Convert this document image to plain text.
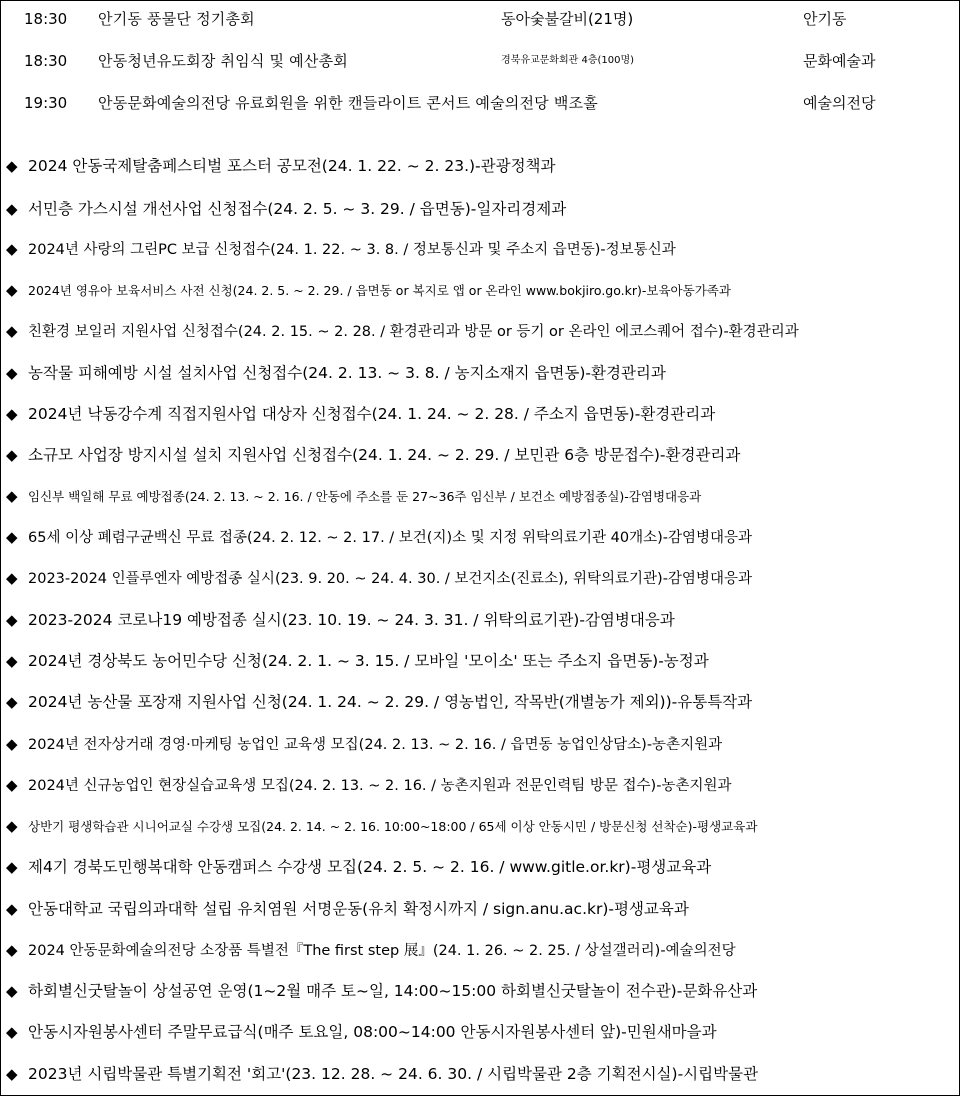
18:30 안기동 풍물단 정기총회	동아숯불갈비(21명)	안기동
18:30 안동청년유도회장 취임식 및 예산총회	경북유교문화회관 4층(100명)	문화예술과
19:30 안동문화예술의전당 유료회원을 위한 캔들라이트 콘서트 예술의전당 백조홀	예술의전당
◆ 2024 안동국제탈춤페스티벌 포스터 공모전(24. 1. 22. ~ 2. 23.)-관광정책과
◆ 서민층 가스시설 개선사업 신청접수(24. 2. 5. ~ 3. 29. / 읍면동)-일자리경제과
◆ 2024년 사랑의 그린PC 보급 신청접수(24. 1. 22. ~ 3. 8. / 정보통신과 및 주소지 읍면동)-정보통신과
◆ 2024년 영유아 보육서비스 사전 신청(24. 2. 5. ~ 2. 29. / 읍면동 or 복지로 앱 or 온라인 www.bokjiro.go.kr)-보육아동가족과
◆ 친환경 보일러 지원사업 신청접수(24. 2. 15. ~ 2. 28. / 환경관리과 방문 or 등기 or 온라인 에코스퀘어 접수)-환경관리과
◆ 농작물 피해예방 시설 설치사업 신청접수(24. 2. 13. ~ 3. 8. / 농지소재지 읍면동)-환경관리과
◆ 2024년 낙동강수계 직접지원사업 대상자 신청접수(24. 1. 24. ~ 2. 28. / 주소지 읍면동)-환경관리과
◆ 소규모 사업장 방지시설 설치 지원사업 신청접수(24. 1. 24. ~ 2. 29. / 보민관 6층 방문접수)-환경관리과
◆ 임신부 백일해 무료 예방접종(24. 2. 13. ~ 2. 16. / 안동에 주소를 둔 27~36주 임신부 / 보건소 예방접종실)-감염병대응과
◆ 65세 이상 폐렴구균백신 무료 접종(24. 2. 12. ~ 2. 17. / 보건(지)소 및 지정 위탁의료기관 40개소)-감염병대응과
◆ 2023-2024 인플루엔자 예방접종 실시(23. 9. 20. ~ 24. 4. 30. / 보건지소(진료소), 위탁의료기관)-감염병대응과
◆ 2023-2024 코로나19 예방접종 실시(23. 10. 19. ~ 24. 3. 31. / 위탁의료기관)-감염병대응과
◆ 2024년 경상북도 농어민수당 신청(24. 2. 1. ~ 3. 15. / 모바일 '모이소' 또는 주소지 읍면동)-농정과
◆ 2024년 농산물 포장재 지원사업 신청(24. 1. 24. ~ 2. 29. / 영농법인, 작목반(개별농가 제외))-유통특작과
◆ 2024년 전자상거래 경영·마케팅 농업인 교육생 모집(24. 2. 13. ~ 2. 16. / 읍면동 농업인상담소)-농촌지원과
◆ 2024년 신규농업인 현장실습교육생 모집(24. 2. 13. ~ 2. 16. / 농촌지원과 전문인력팀 방문 접수)-농촌지원과
◆ 상반기 평생학습관 시니어교실 수강생 모집(24. 2. 14. ~ 2. 16. 10:00~18:00 / 65세 이상 안동시민 / 방문신청 선착순)-평생교육과
◆ 제4기 경북도민행복대학 안동캠퍼스 수강생 모집(24. 2. 5. ~ 2. 16. / www.gitle.or.kr)-평생교육과
◆ 안동대학교 국립의과대학 설립 유치염원 서명운동(유치 확정시까지 / sign.anu.ac.kr)-평생교육과
◆ 2024 안동문화예술의전당 소장품 특별전『The first step 展』(24. 1. 26. ~ 2. 25. / 상설갤러리)-예술의전당
◆ 하회별신굿탈놀이 상설공연 운영(1~2월 매주 토~일, 14:00~15:00 하회별신굿탈놀이 전수관)-문화유산과
◆ 안동시자원봉사센터 주말무료급식(매주 토요일, 08:00~14:00 안동시자원봉사센터 앞)-민원새마을과
◆ 2023년 시립박물관 특별기획전 '회고'(23. 12. 28. ~ 24. 6. 30. / 시립박물관 2층 기획전시실)-시립박물관
